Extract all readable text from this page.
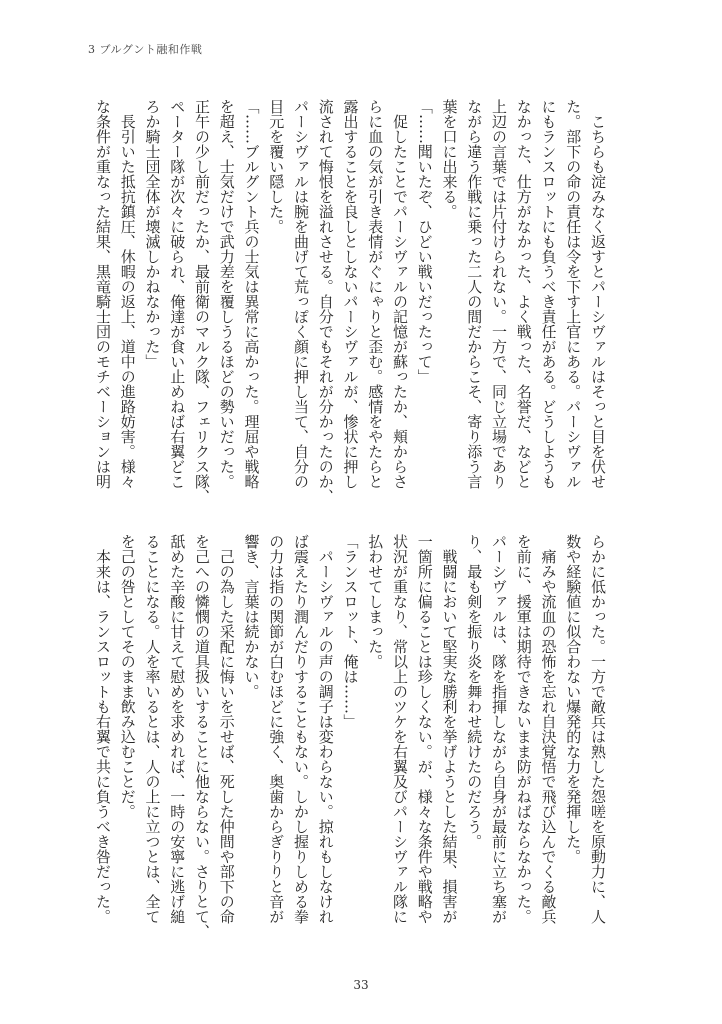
3 ブルグント融和作戦
　こちらも淀みなく返すとパーシヴァルはそっと目を伏せ
た。部下の命の責任は令を下す上官にある。パーシヴァル
にもランスロットにも負うべき責任がある。どうしようも
なかった、仕方がなかった、よく戦った、名誉だ、などと
上辺の言葉では片付けられない。一方で、同じ立場であり
ながら違う作戦に乗った二人の間だからこそ、寄り添う言
葉を口に出来る。
「……聞いたぞ、ひどい戦いだったって」
　促したことでパーシヴァルの記憶が蘇ったか、頬からさ
らに血の気が引き表情がぐにゃりと歪む。感情をやたらと
露出することを良しとしないパーシヴァルが、惨状に押し
流されて悔恨を溢れさせる。自分でもそれが分かったのか、
パーシヴァルは腕を曲げて荒っぽく顔に押し当て、自分の
目元を覆い隠した。
「……ブルグント兵の士気は異常に高かった。理屈や戦略
を超え、士気だけで武力差を覆しうるほどの勢いだった。
正午の少し前だったか、最前衛のマルク隊、フェリクス隊、
ペーター隊が次々に破られ、俺達が食い止めねば右翼どこ
ろか騎士団全体が壊滅しかねなかった」
　長引いた抵抗鎮圧、休暇の返上、道中の進路妨害。様々
な条件が重なった結果、黒竜騎士団のモチベーションは明
らかに低かった。一方で敵兵は熟した怨嗟を原動力に、人
数や経験値に似合わない爆発的な力を発揮した。
　痛みや流血の恐怖を忘れ自決覚悟で飛び込んでくる敵兵
を前に、援軍は期待できないまま防がねばならなかった。
パーシヴァルは、隊を指揮しながら自身が最前に立ち塞が
り、最も剣を振り炎を舞わせ続けたのだろう。
　戦闘において堅実な勝利を挙げようとした結果、損害が
一箇所に偏ることは珍しくない。が、様々な条件や戦略や
状況が重なり、常以上のツケを右翼及びパーシヴァル隊に
払わせてしまった。
「ランスロット、俺は……」
　パーシヴァルの声の調子は変わらない。掠れもしなけれ
ば震えたり潤んだりすることもない。しかし握りしめる拳
の力は指の関節が白むほどに強く、奥歯からぎりりと音が
響き、言葉は続かない。
　己の為した采配に悔いを示せば、死した仲間や部下の命
を己への憐憫の道具扱いすることに他ならない。さりとて、
舐めた辛酸に甘えて慰めを求めれば、一時の安寧に逃げ縋
ることになる。人を率いるとは、人の上に立つとは、全て
を己の咎としてそのまま飲み込むことだ。
　本来は、ランスロットも右翼で共に負うべき咎だった。
33
